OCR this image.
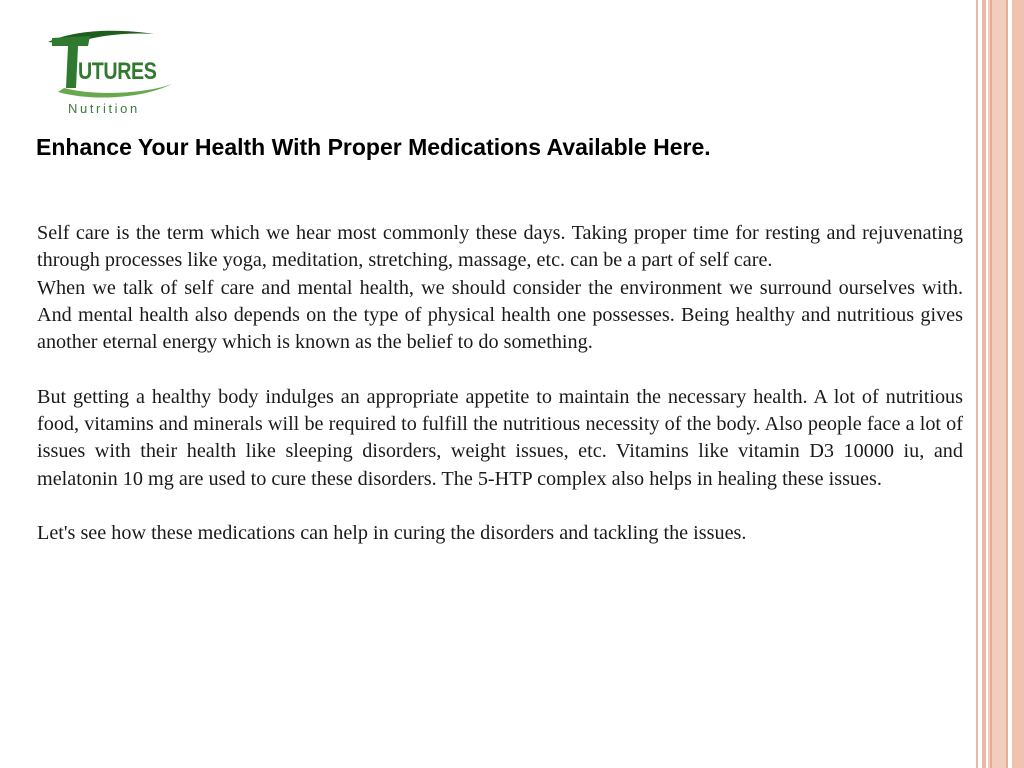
UTURES
Nutrition
Enhance Your Health With Proper Medications Available Here.

Self care is the term which we hear most commonly these days. Taking proper time for resting and rejuvenating through processes like yoga, meditation, stretching, massage, etc. can be a part of self care.

When we talk of self care and mental health, we should consider the environment we surround ourselves with. And mental health also depends on the type of physical health one possesses. Being healthy and nutritious gives another eternal energy which is known as the belief to do something.

But getting a healthy body indulges an appropriate appetite to maintain the necessary health. A lot of nutritious food, vitamins and minerals will be required to fulfill the nutritious necessity of the body. Also people face a lot of issues with their health like sleeping disorders, weight issues, etc. Vitamins like vitamin D3 10000 iu, and melatonin 10 mg are used to cure these disorders. The 5-HTP complex also helps in healing these issues.

Let's see how these medications can help in curing the disorders and tackling the issues.
